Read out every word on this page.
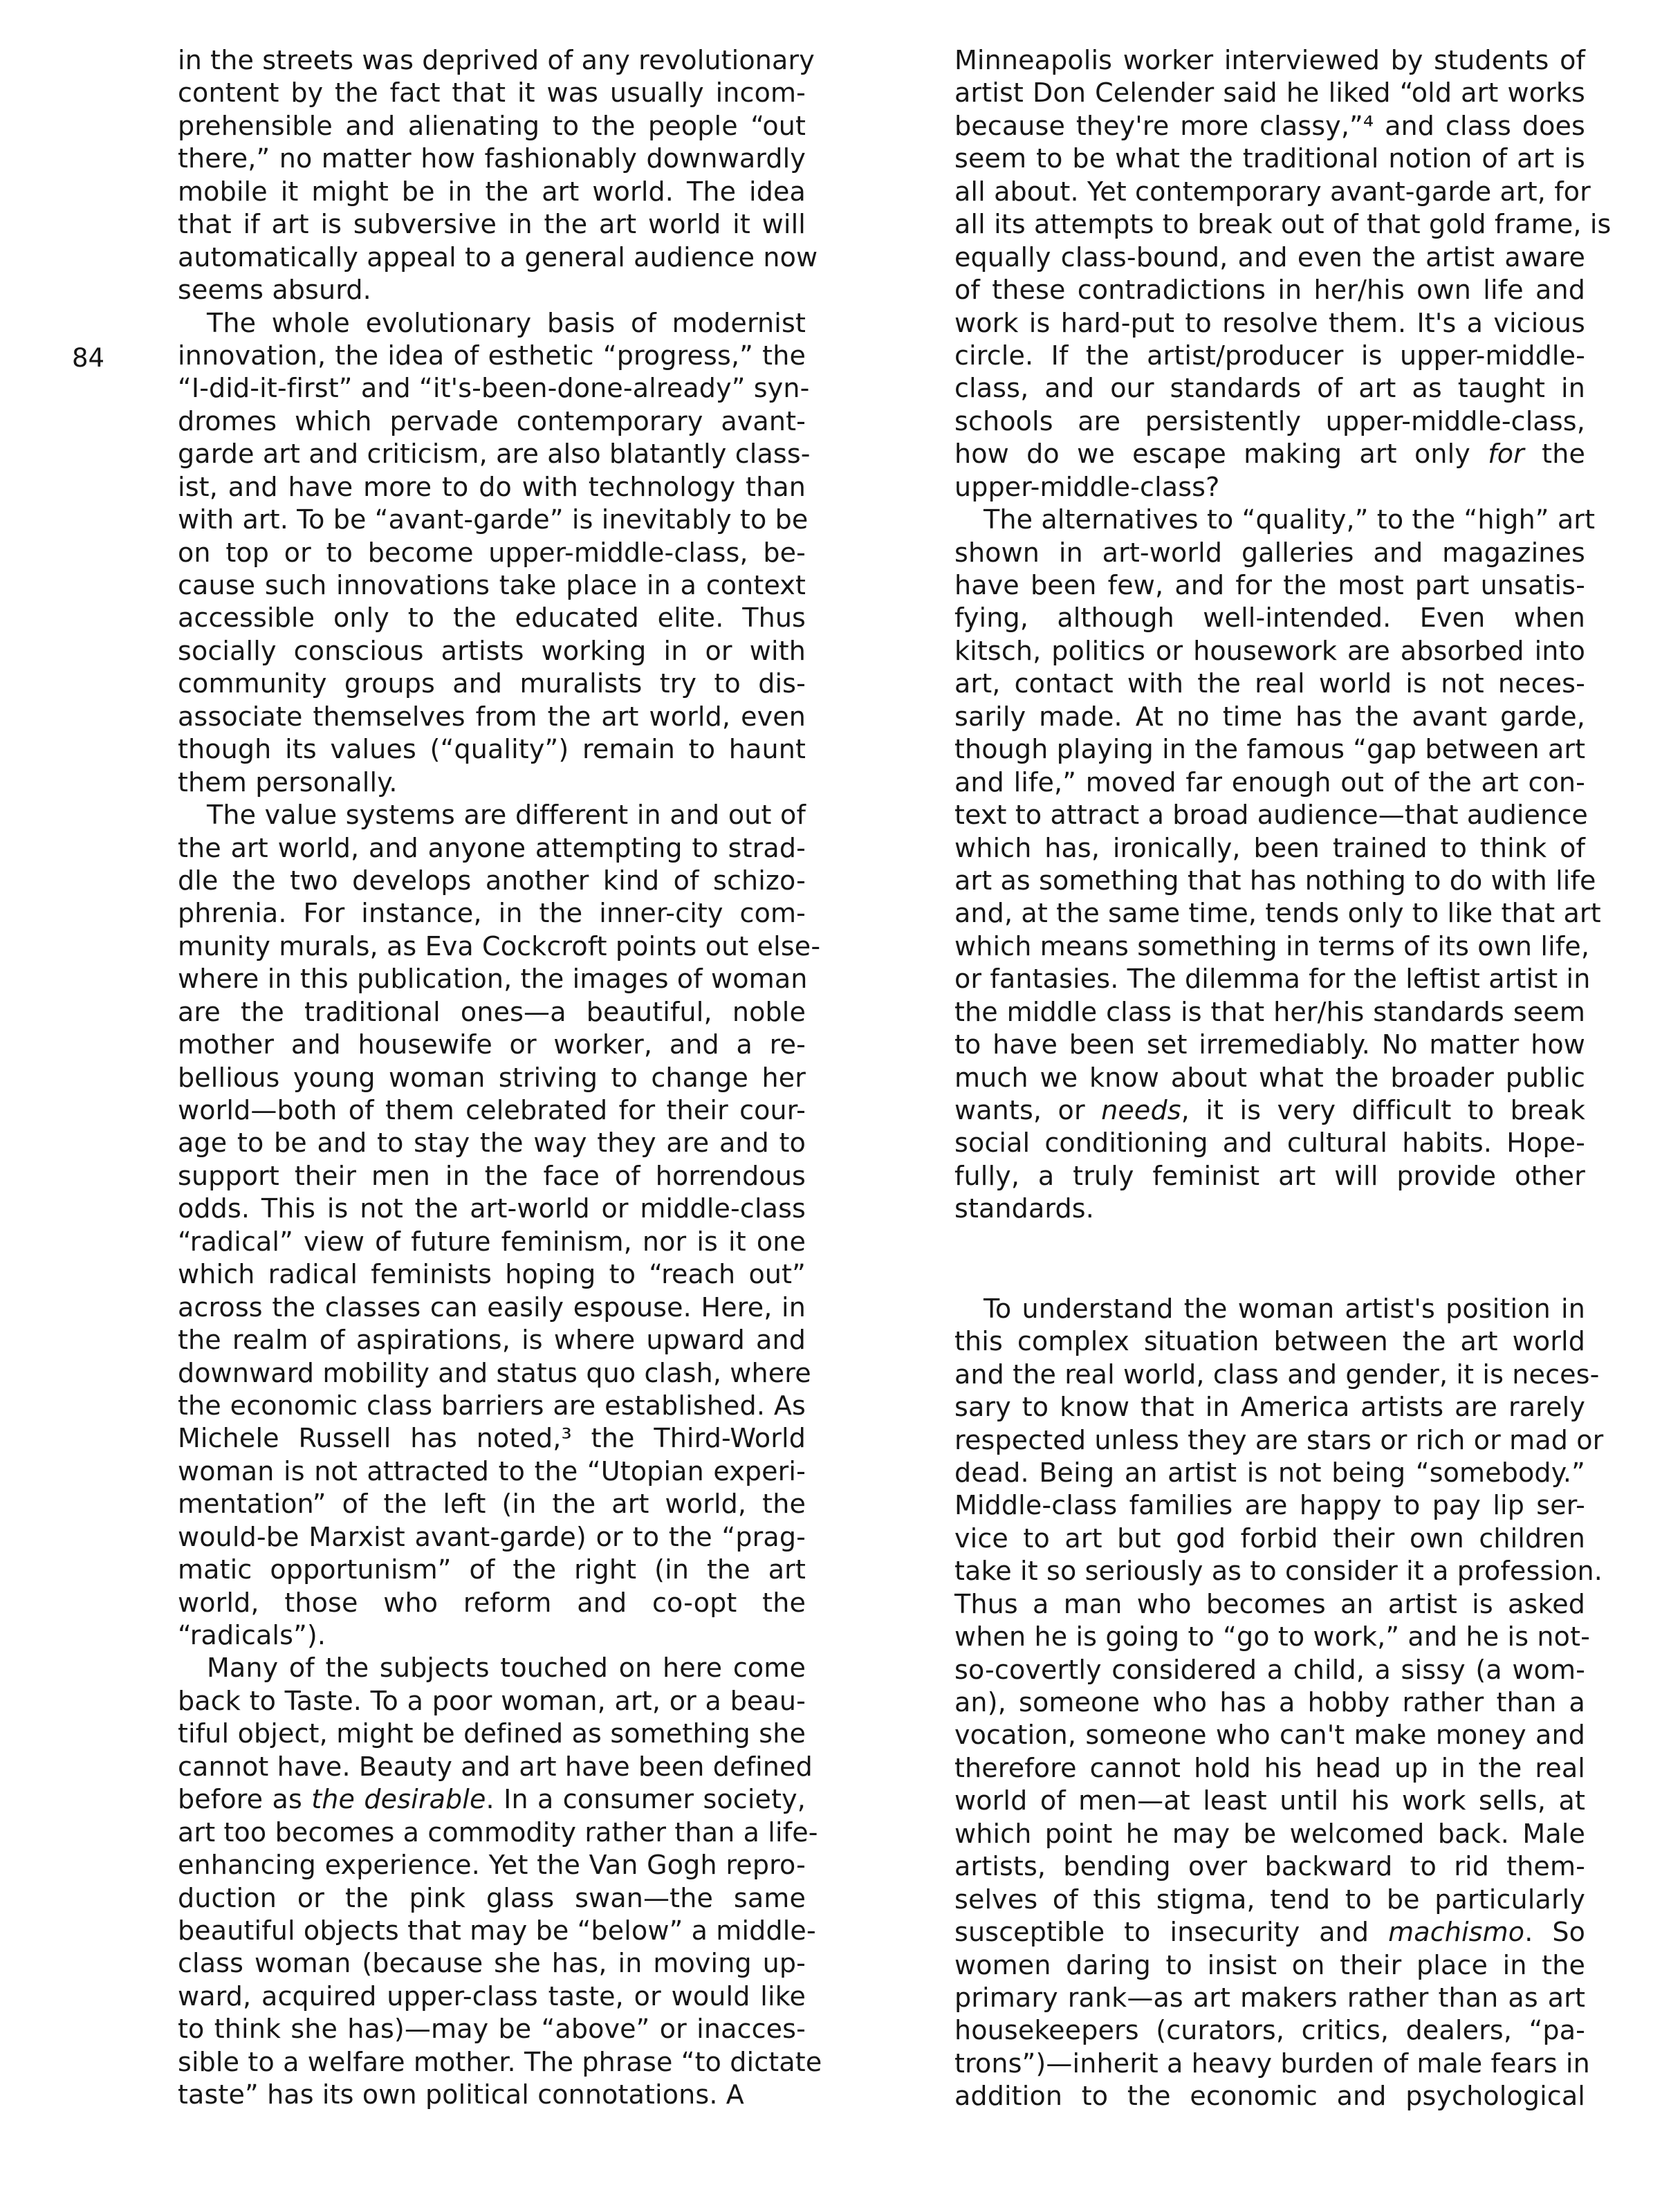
84
in the streets was deprived of any revolutionary
content by the fact that it was usually incom-
prehensible and alienating to the people “out
there,” no matter how fashionably downwardly
mobile it might be in the art world. The idea
that if art is subversive in the art world it will
automatically appeal to a general audience now
seems absurd.
The whole evolutionary basis of modernist
innovation, the idea of esthetic “progress,” the
“I-did-it-first” and “it's-been-done-already” syn-
dromes which pervade contemporary avant-
garde art and criticism, are also blatantly class-
ist, and have more to do with technology than
with art. To be “avant-garde” is inevitably to be
on top or to become upper-middle-class, be-
cause such innovations take place in a context
accessible only to the educated elite. Thus
socially conscious artists working in or with
community groups and muralists try to dis-
associate themselves from the art world, even
though its values (“quality”) remain to haunt
them personally.
The value systems are different in and out of
the art world, and anyone attempting to strad-
dle the two develops another kind of schizo-
phrenia. For instance, in the inner-city com-
munity murals, as Eva Cockcroft points out else-
where in this publication, the images of woman
are the traditional ones—a beautiful, noble
mother and housewife or worker, and a re-
bellious young woman striving to change her
world—both of them celebrated for their cour-
age to be and to stay the way they are and to
support their men in the face of horrendous
odds. This is not the art-world or middle-class
“radical” view of future feminism, nor is it one
which radical feminists hoping to “reach out”
across the classes can easily espouse. Here, in
the realm of aspirations, is where upward and
downward mobility and status quo clash, where
the economic class barriers are established. As
Michele Russell has noted,³ the Third-World
woman is not attracted to the “Utopian experi-
mentation” of the left (in the art world, the
would-be Marxist avant-garde) or to the “prag-
matic opportunism” of the right (in the art
world, those who reform and co-opt the
“radicals”).
Many of the subjects touched on here come
back to Taste. To a poor woman, art, or a beau-
tiful object, might be defined as something she
cannot have. Beauty and art have been defined
before as the desirable. In a consumer society,
art too becomes a commodity rather than a life-
enhancing experience. Yet the Van Gogh repro-
duction or the pink glass swan—the same
beautiful objects that may be “below” a middle-
class woman (because she has, in moving up-
ward, acquired upper-class taste, or would like
to think she has)—may be “above” or inacces-
sible to a welfare mother. The phrase “to dictate
taste” has its own political connotations. A
Minneapolis worker interviewed by students of
artist Don Celender said he liked “old art works
because they're more classy,”⁴ and class does
seem to be what the traditional notion of art is
all about. Yet contemporary avant-garde art, for
all its attempts to break out of that gold frame, is
equally class-bound, and even the artist aware
of these contradictions in her/his own life and
work is hard-put to resolve them. It's a vicious
circle. If the artist/producer is upper-middle-
class, and our standards of art as taught in
schools are persistently upper-middle-class,
how do we escape making art only for the
upper-middle-class?
The alternatives to “quality,” to the “high” art
shown in art-world galleries and magazines
have been few, and for the most part unsatis-
fying, although well-intended. Even when
kitsch, politics or housework are absorbed into
art, contact with the real world is not neces-
sarily made. At no time has the avant garde,
though playing in the famous “gap between art
and life,” moved far enough out of the art con-
text to attract a broad audience—that audience
which has, ironically, been trained to think of
art as something that has nothing to do with life
and, at the same time, tends only to like that art
which means something in terms of its own life,
or fantasies. The dilemma for the leftist artist in
the middle class is that her/his standards seem
to have been set irremediably. No matter how
much we know about what the broader public
wants, or needs, it is very difficult to break
social conditioning and cultural habits. Hope-
fully, a truly feminist art will provide other
standards.
To understand the woman artist's position in
this complex situation between the art world
and the real world, class and gender, it is neces-
sary to know that in America artists are rarely
respected unless they are stars or rich or mad or
dead. Being an artist is not being “somebody.”
Middle-class families are happy to pay lip ser-
vice to art but god forbid their own children
take it so seriously as to consider it a profession.
Thus a man who becomes an artist is asked
when he is going to “go to work,” and he is not-
so-covertly considered a child, a sissy (a wom-
an), someone who has a hobby rather than a
vocation, someone who can't make money and
therefore cannot hold his head up in the real
world of men—at least until his work sells, at
which point he may be welcomed back. Male
artists, bending over backward to rid them-
selves of this stigma, tend to be particularly
susceptible to insecurity and machismo. So
women daring to insist on their place in the
primary rank—as art makers rather than as art
housekeepers (curators, critics, dealers, “pa-
trons”)—inherit a heavy burden of male fears in
addition to the economic and psychological
